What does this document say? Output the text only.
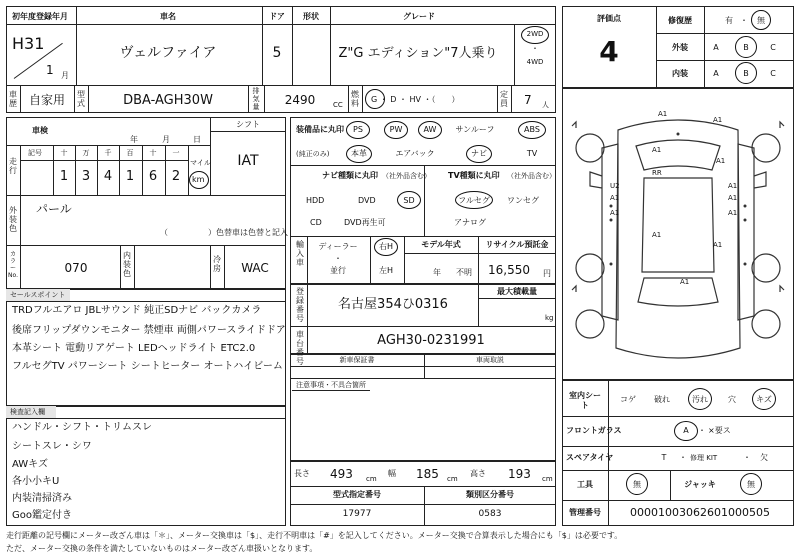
初年度登録年月	車名	ドア 形状	グレード
H31
1 月
ヴェルファイア	5	Z"G エディション"7人乗り
2WD
・
4WD
車歴 自家用 型式	DBA-AGH30W
排気量 2490	CC
燃料 G ・ D ・ HV ・（　　）
定員 7 人
車検
年	月	日
シフト
IAT
走行
記号	十 万 千 百 十 一
1 3 4 1 6 2
マイル
km
外装色
パール
（　　　　　）色替車は色替と記入
カラーNo.
070
内装色
冷房 WAC
装備品に丸印
(純正のみ)
PS	PW	AW サンルーフ	ABS
本革	エアバック	ナビ	TV
ナビ種類に丸印 （社外品含む） TV種類に丸印 （社外品含む）
HDD	DVD	SD
CD	DVD再生可
フルセグ ワンセグ
アナログ
輸入車
ディーラー
・
並行
右H
左H
モデル年式
年 不明
リサイクル預託金
16,550 円
登録番号
名古屋354ひ0316
最大積載量
kg
車台番号
AGH30-0231991
セールスポイント
TRDフルエアロ JBLサウンド 純正SDナビ バックカメラ
後席フリップダウンモニター 禁煙車 両側パワースライドドア
本革シート 電動リアゲート LEDヘッドライト ETC2.0
フルセグTV パワーシート シートヒーター オートハイビーム
新車保証書	車両取説
注意事項・不具合箇所
検査記入欄
ハンドル・シフト・トリムスレ
シートスレ・シワ
AWキズ
各小小キU
内装清掃済み
Goo鑑定付き
長さ 493 cm
幅 185 cm
高さ 193 cm
型式指定番号	類別区分番号
17977	0583
評価点
4
修復歴	有 ・ 無
外装	A	B	C
内装	A	B	C
A1
A1
A1
A1
U2	A1
A1	A1
A1	A1
A1
A1
A1
RR
室内シート
コゲ 破れ	汚れ	穴	キズ
フロントガラス	A ・ ×要ス
スペアタイヤ	T ・ 修理 KIT	・ 欠
工具	無	ジャッキ	無
管理番号	0000100306260100050​5
走行距離の記号欄にメーター改ざん車は「＊」、メーター交換車は「$」、走行不明車は「#」を記入してください。メーター交換で合算表示した場合にも「$」は必要です。
ただ、メーター交換の条件を満たしていないものはメーター改ざん車扱いとなります。
